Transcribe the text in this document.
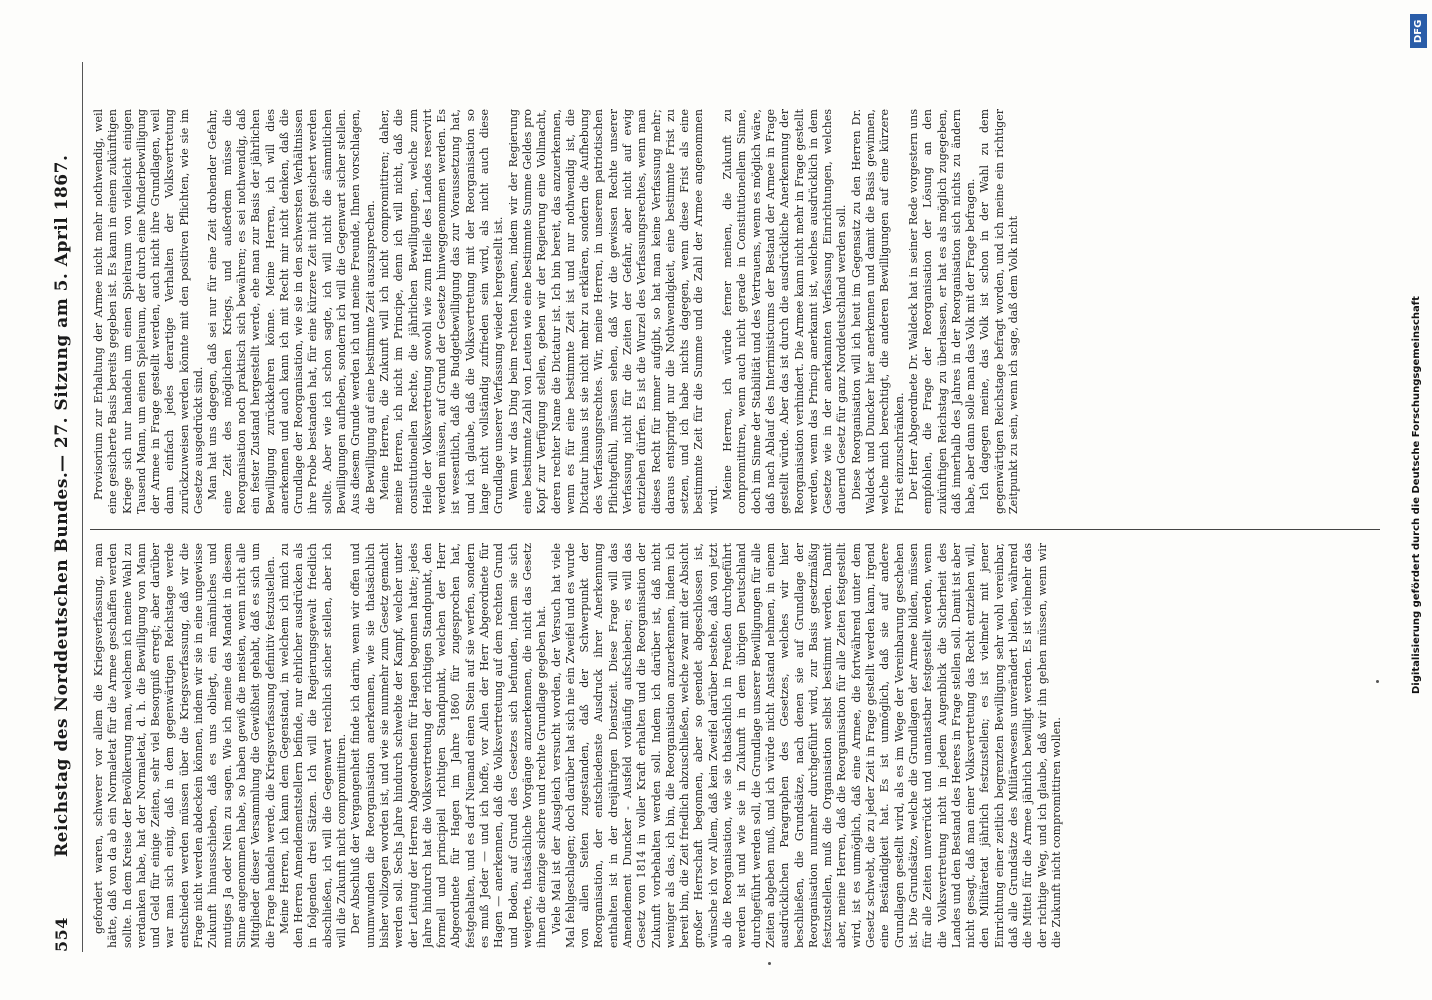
554
Reichstag des Norddeutschen Bundes.
— 27. Sitzung am 5. April 1867.

gefordert waren, schwerer vor allem die Kriegsverfassung, man hätte, daß von da ab ein Normaletat für die Armee geschaffen werden sollte. In dem Kreise der Bevölkerung man, welchem ich meine Wahl zu verdanken habe, hat der Normaletat, d. h. die Bewilligung von Mann und Geld für einige Zeiten, sehr viel Besorgniß erregt; aber darüber war man sich einig, daß in dem gegenwärtigen Reichstage werde entschieden werden müssen über die Kriegsverfassung, daß wir die Frage nicht werden abdeckein können, indem wir sie in eine ungewisse Zukunft hinausschieben, daß es uns obliegt, ein männliches und mutiges Ja oder Nein zu sagen. Wie ich meine das Mandat in diesem Sinne angenommen habe, so haben gewiß die meisten, wenn nicht alle Mitglieder dieser Versammlung die Gewißheit gehabt, daß es sich um die Frage handeln werde, die Kriegsverfassung definitiv festzustellen. Meine Herren, ich kann dem Gegenstand, in welchem ich mich zu den Herren Amendementstellern befinde, nur ehrlicher ausdrücken als in folgenden drei Sätzen. Ich will die Regierungsgewalt friedlich abschließen, ich will die Gegenwart reichlich sicher stellen, aber ich will die Zukunft nicht compromittiren. Der Abschluß der Vergangenheit finde ich darin, wenn wir offen und unumwunden die Reorganisation anerkennen, wie sie thatsächlich bisher vollzogen worden ist, und wie sie nunmehr zum Gesetz gemacht werden soll. Sechs Jahre hindurch schwebte der Kampf, welcher unter der Leitung der Herren Abgeordneten für Hagen begonnen hatte; jedes Jahre hindurch hat die Volksvertretung der richtigen Standpunkt, den formell und principiell richtigen Standpunkt, welchen der Herr Abgeordnete für Hagen im Jahre 1860 für zugesprochen hat, festgehalten, und es darf Niemand einen Stein auf sie werfen, sondern es muß Jeder — und ich hoffe, vor Allen der Herr Abgeordnete für Hagen — anerkennen, daß die Volksvertretung auf dem rechten Grund und Boden, auf Grund des Gesetzes sich befunden, indem sie sich weigerte, thatsächliche Vorgänge anzuerkennen, die nicht das Gesetz ihnen die einzige sichere und rechte Grundlage gegeben hat. Viele Mal ist der Ausgleich versucht worden, der Versuch hat viele Mal fehlgeschlagen; doch darüber hat sich nie ein Zweifel und es wurde von allen Seiten zugestanden, daß der Schwerpunkt der Reorganisation, der entschiedenste Ausdruck ihrer Anerkennung enthalten ist in der dreijährigen Dienstzeit. Diese Frage will das Amendement Duncker - Ausfeld vorläufig aufschieben; es will das Gesetz von 1814 in voller Kraft erhalten und die Reorganisation der Zukunft vorbehalten werden soll. Indem ich darüber ist, daß nicht weniger als das, ich bin, die Reorganisation anzuerkennen, indem ich bereit bin, die Zeit friedlich abzuschließen, welche zwar mit der Absicht großer Herrschaft begonnen, aber so geendet abgeschlossen ist, wünsche ich vor Allem, daß kein Zweifel darüber bestehe, daß von jetzt ab die Reorganisation, wie sie thatsächlich in Preußen durchgeführt werden ist und wie sie in Zukunft in dem übrigen Deutschland durchgeführt werden soll, die Grundlage unserer Bewilligungen für alle Zeiten abgeben muß, und ich würde nicht Anstand nehmen, in einem ausdrücklichen Paragraphen des Gesetzes, welches wir hier beschließen, die Grundsätze, nach denen sie auf Grundlage der Reorganisation nunmehr durchgeführt wird, zur Basis gesetzmäßig festzustellen, muß die Organisation selbst bestimmt werden. Damit aber, meine Herren, daß die Reorganisation für alle Zeiten festgestellt wird, ist es unmöglich, daß eine Armee, die fortwährend unter dem Gesetz schwebt, die zu jeder Zeit in Frage gestellt werden kann, irgend eine Beständigkeit hat. Es ist unmöglich, daß sie auf andere Grundlagen gestellt wird, als es im Wege der Vereinbarung geschehen ist. Die Grundsätze, welche die Grundlagen der Armee bilden, müssen für alle Zeiten unverrückt und unantastbar festgestellt werden, wenn die Volksvertretung nicht in jedem Augenblick die Sicherheit des Landes und den Bestand des Heeres in Frage stellen soll. Damit ist aber nicht gesagt, daß man einer Volksvertretung das Recht entziehen will, den Militäretat jährlich festzustellen; es ist vielmehr mit jener Einrichtung einer zeitlich begrenzten Bewilligung sehr wohl vereinbar, daß alle Grundsätze des Militärwesens unverändert bleiben, während die Mittel für die Armee jährlich bewilligt werden. Es ist vielmehr das der richtige Weg, und ich glaube, daß wir ihn gehen müssen, wenn wir die Zukunft nicht compromittiren wollen.

Provisorium zur Erhaltung der Armee nicht mehr nothwendig, weil eine gesicherte Basis bereits gegeben ist. Es kann in einem zukünftigen Kriege sich nur handeln um einen Spielraum von vielleicht einigen Tausend Mann, um einen Spielraum, der durch eine Minderbewilligung der Armee in Frage gestellt werden, auch nicht ihre Grundlagen, weil dann einfach jedes derartige Verhalten der Volksvertretung zurückzuweisen werden könnte mit den positiven Pflichten, wie sie im Gesetze ausgedrückt sind. Man hat uns dagegen, daß sei nur für eine Zeit drohender Gefahr, eine Zeit des möglichen Kriegs, und außerdem müsse die Reorganisation noch praktisch sich bewähren; es sei nothwendig, daß ein fester Zustand hergestellt werde, ehe man zur Basis der jährlichen Bewilligung zurückkehren könne. Meine Herren, ich will dies anerkennen und auch kann ich mit Recht mir nicht denken, daß die Grundlage der Reorganisation, wie sie in den schwersten Verhältnissen ihre Probe bestanden hat, für eine kürzere Zeit nicht gesichert werden sollte. Aber wie ich schon sagte, ich will nicht die sämmtlichen Bewilligungen aufheben, sondern ich will die Gegenwart sicher stellen. Aus diesem Grunde werden ich und meine Freunde, Ihnen vorschlagen, die Bewilligung auf eine bestimmte Zeit auszusprechen. Meine Herren, die Zukunft will ich nicht compromittiren; daher, meine Herren, ich nicht im Principe, denn ich will nicht, daß die constitutionellen Rechte, die jährlichen Bewilligungen, welche zum Heile der Volksvertretung sowohl wie zum Heile des Landes reservirt werden müssen, auf Grund der Gesetze hinweggenommen werden. Es ist wesentlich, daß die Budgetbewilligung das zur Voraussetzung hat, und ich glaube, daß die Volksvertretung mit der Reorganisation so lange nicht vollständig zufrieden sein wird, als nicht auch diese Grundlage unserer Verfassung wieder hergestellt ist. Wenn wir das Ding beim rechten Namen, indem wir der Regierung eine bestimmte Zahl von Leuten wie eine bestimmte Summe Geldes pro Kopf zur Verfügung stellen, geben wir der Regierung eine Vollmacht, deren rechter Name die Dictatur ist. Ich bin bereit, das anzuerkennen, wenn es für eine bestimmte Zeit ist und nur nothwendig ist, die Dictatur hinaus ist sie nicht mehr zu erklären, sondern die Aufhebung des Verfassungsrechtes. Wir, meine Herren, in unserem patriotischen Pflichtgefühl, müssen sehen, daß wir die gewissen Rechte unserer Verfassung nicht für die Zeiten der Gefahr, aber nicht auf ewig entziehen dürfen. Es ist die Wurzel des Verfassungsrechtes, wenn man dieses Recht für immer aufgibt, so hat man keine Verfassung mehr; daraus entspringt nur die Nothwendigkeit, eine bestimmte Frist zu setzen, und ich habe nichts dagegen, wenn diese Frist als eine bestimmte Zeit für die Summe und die Zahl der Armee angenommen wird. Meine Herren, ich würde ferner meinen, die Zukunft zu compromittiren, wenn auch nicht gerade in Constitutionellem Sinne, doch im Sinne der Stabilität und des Vertrauens, wenn es möglich wäre, daß nach Ablauf des Interimisticums der Bestand der Armee in Frage gestellt würde. Aber das ist durch die ausdrückliche Anerkennung der Reorganisation verhindert. Die Armee kann nicht mehr in Frage gestellt werden, wenn das Princip anerkannt ist, welches ausdrücklich in dem Gesetze wie in der anerkannten Verfassung Einrichtungen, welches dauernd Gesetz für ganz Norddeutschland werden soll. Diese Reorganisation will ich heut im Gegensatz zu den Herren Dr. Waldeck und Duncker hier anerkennen und damit die Basis gewinnen, welche mich berechtigt, die anderen Bewilligungen auf eine kürzere Frist einzuschränken. Der Herr Abgeordnete Dr. Waldeck hat in seiner Rede vorgestern uns empfohlen, die Frage der Reorganisation der Lösung an den zukünftigen Reichstag zu überlassen, er hat es als möglich zugegeben, daß innerhalb des Jahres in der Reorganisation sich nichts zu ändern habe, aber dann solle man das Volk mit der Frage befragen. Ich dagegen meine, das Volk ist schon in der Wahl zu dem gegenwärtigen Reichstage befragt worden, und ich meine ein richtiger Zeitpunkt zu sein, wenn ich sage, daß dem Volk nicht

DFG
Digitalisierung gefördert durch die Deutsche Forschungsgemeinschaft
